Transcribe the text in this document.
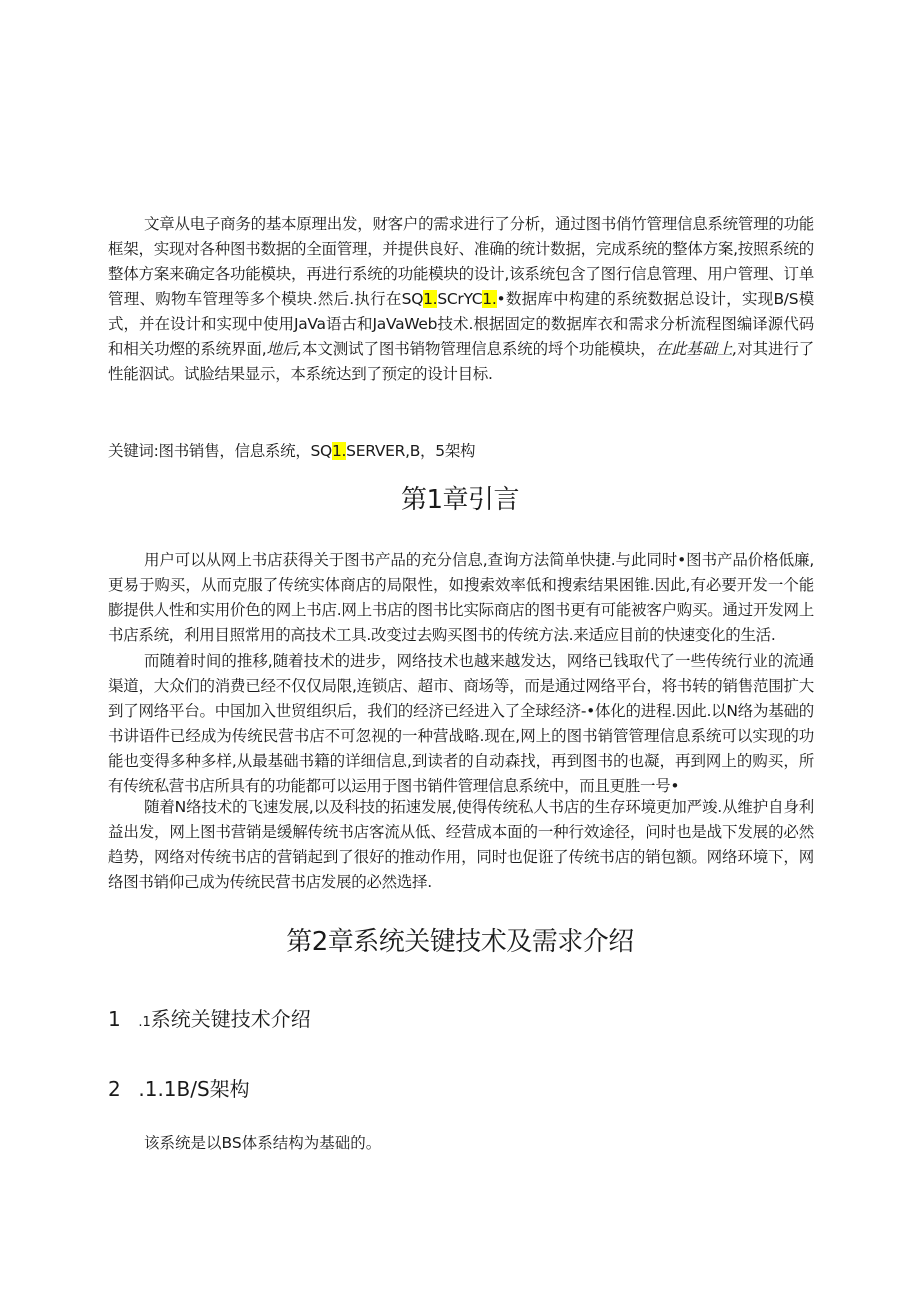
文章从电子商务的基本原理出发，财客户的需求进行了分析，通过图书俏竹管理信息系统管理的功能框架，实现对各种图书数据的全面管理，并提供良好、准确的统计数据，完成系统的整体方案,按照系统的整体方案来确定各功能模块，再进行系统的功能模块的设计,该系统包含了图行信息管理、用户管理、订单管理、购物车管理等多个模块.然后.执行在SQ1.SCrYC1.•数据库中构建的系统数据总设计，实现B/S模式，并在设计和实现中使用JaVa语古和JaVaWeb技术.根据固定的数据库衣和需求分析流程图编译源代码和相关功熞的系统界面,地后,本文测试了图书销物管理信息系统的埒个功能模块，在此基础上,对其进行了性能泅试。试脸结果显示，本系统达到了预定的设计目标.

关键词:图书销售，信息系统，SQ1.SERVER,B，5架构

第1章引言

用户可以从网上书店获得关于图书产品的充分信息,查询方法简单快捷.与此同时•图书产品价格低廉,更易于购买，从而克服了传统实体商店的局限性，如搜索效率低和搜索结果困锥.因此,有必要开发一个能膨提供人性和实用价色的网上书店.网上书店的图书比实际商店的图书更有可能被客户购买。通过开发网上书店系统，利用目照常用的高技术工具.改变过去购买图书的传统方法.来适应目前的快速变化的生活.

而随着时间的推移,随着技术的进步，网络技术也越来越发达，网络已钱取代了一些传统行业的流通渠道，大众们的消费已经不仅仅局限,连锁店、超市、商场等，而是通过网络平台，将书转的销售范围扩大到了网络平台。中国加入世贸组织后，我们的经济已经进入了全球经济-•体化的进程.因此.以N络为基础的书讲语件已经成为传统民营书店不可忽视的一种营战略.现在,网上的图书销管管理信息系统可以实现的功能也变得多种多样,从最基础书籍的详细信息,到读者的自动森找，再到图书的也凝，再到网上的购买，所有传统私营书店所具有的功能都可以运用于图书销件管理信息系统中，而且更胜一号•

随着N络技术的飞速发展,以及科技的拓速发展,使得传统私人书店的生存环境更加严竣.从维护自身利益出发，网上图书营销是缓解传统书店客流从低、经营成本面的一种行效途径，问时也是战下发展的必然趋势，网络对传统书店的营销起到了很好的推动作用，同时也促诳了传统书店的销包额。网络环境下，网络图书销仰己成为传统民营书店发展的必然选择.

第2章系统关键技术及需求介绍
1 .1系统关键技术介绍
2 .1.1B/S架构

该系统是以BS体系结构为基础的。
